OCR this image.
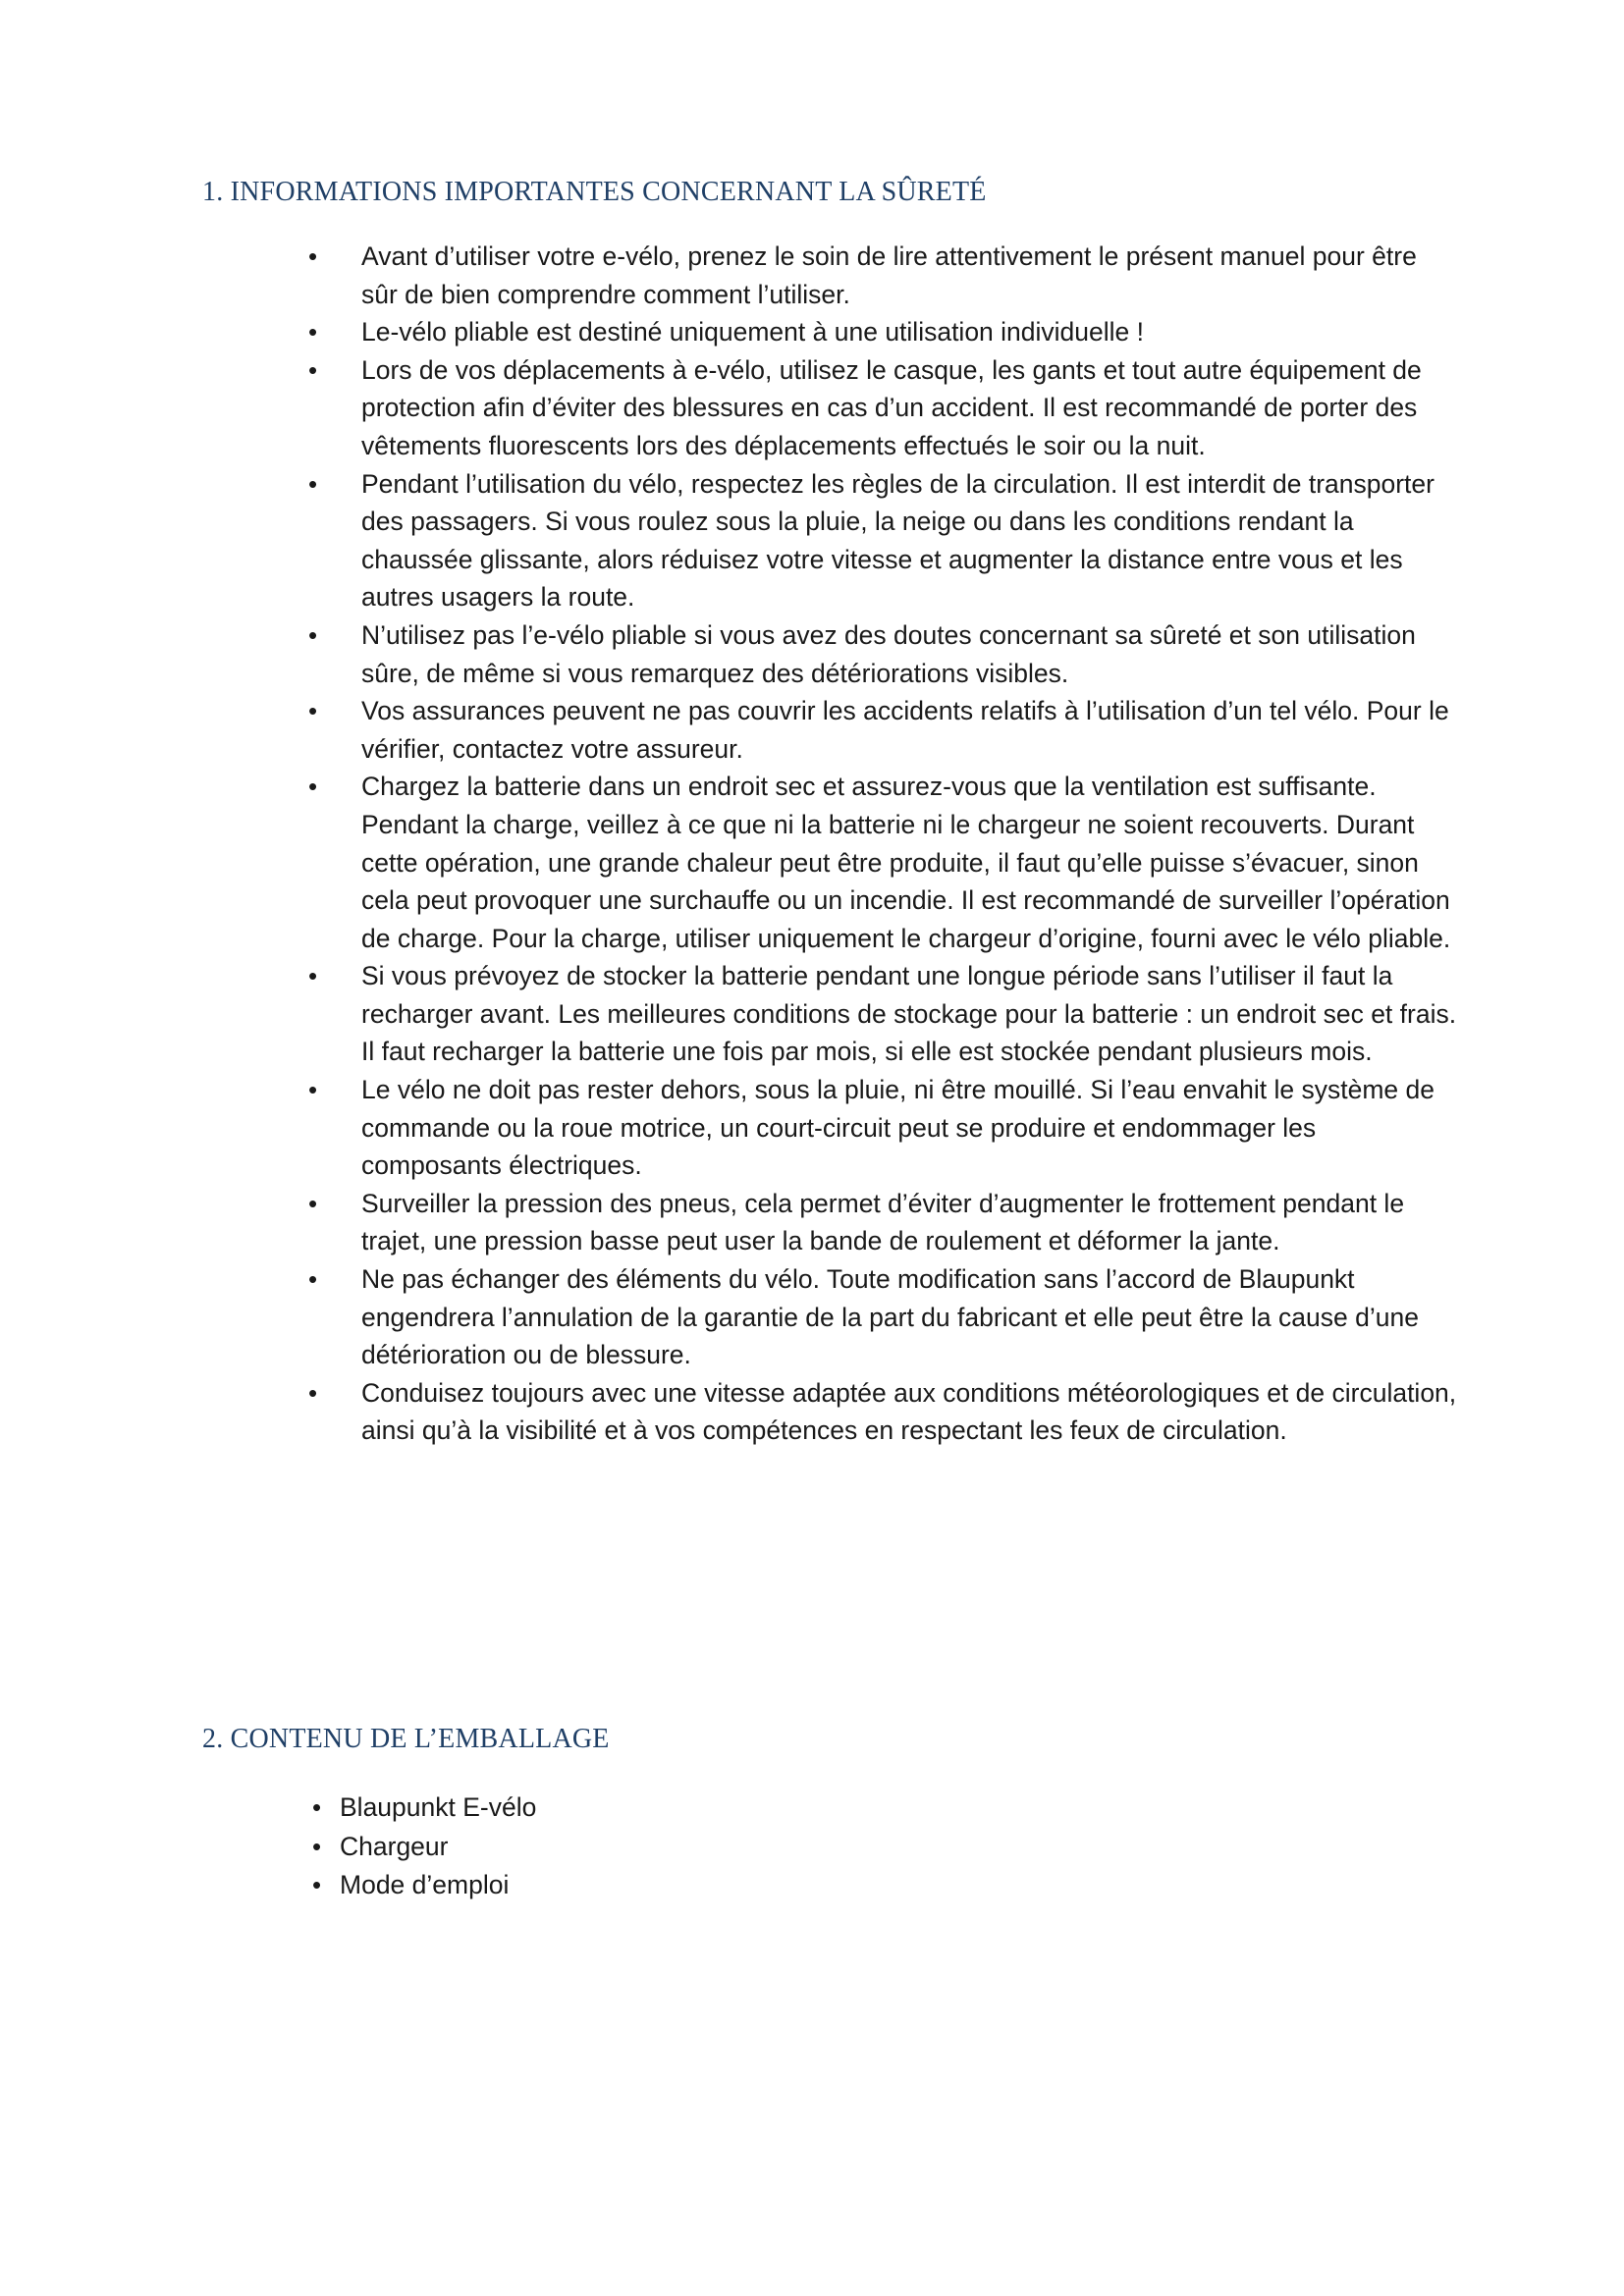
1. INFORMATIONS IMPORTANTES CONCERNANT LA SÛRETÉ
•	Avant d’utiliser votre e-vélo, prenez le soin de lire attentivement le présent manuel pour être sûr de bien comprendre comment l’utiliser.
•	Le-vélo pliable est destiné uniquement à une utilisation individuelle !
•	Lors de vos déplacements à e-vélo, utilisez le casque, les gants et tout autre équipement de protection afin d’éviter des blessures en cas d’un accident. Il est recommandé de porter des vêtements fluorescents lors des déplacements effectués le soir ou la nuit.
•	Pendant l’utilisation du vélo, respectez les règles de la circulation. Il est interdit de transporter des passagers. Si vous roulez sous la pluie, la neige ou dans les conditions rendant la chaussée glissante, alors réduisez votre vitesse et augmenter la distance entre vous et les autres usagers la route.
•	N’utilisez pas l’e-vélo pliable si vous avez des doutes concernant sa sûreté et son utilisation sûre, de même si vous remarquez des détériorations visibles.
•	Vos assurances peuvent ne pas couvrir les accidents relatifs à l’utilisation d’un tel vélo. Pour le vérifier, contactez votre assureur.
•	Chargez la batterie dans un endroit sec et assurez-vous que la ventilation est suffisante. Pendant la charge, veillez à ce que ni la batterie ni le chargeur ne soient recouverts. Durant cette opération, une grande chaleur peut être produite, il faut qu’elle puisse s’évacuer, sinon cela peut provoquer une surchauffe ou un incendie. Il est recommandé de surveiller l’opération de charge. Pour la charge, utiliser uniquement le chargeur d’origine, fourni avec le vélo pliable.
•	Si vous prévoyez de stocker la batterie pendant une longue période sans l’utiliser il faut la recharger avant. Les meilleures conditions de stockage pour la batterie : un endroit sec et frais. Il faut recharger la batterie une fois par mois, si elle est stockée pendant plusieurs mois.
•	Le vélo ne doit pas rester dehors, sous la pluie, ni être mouillé. Si l’eau envahit le système de commande ou la roue motrice, un court-circuit peut se produire et endommager les composants électriques.
•	Surveiller la pression des pneus, cela permet d’éviter d’augmenter le frottement pendant le trajet, une pression basse peut user la bande de roulement et déformer la jante.
•	Ne pas échanger des éléments du vélo. Toute modification sans l’accord de Blaupunkt engendrera l’annulation de la garantie de la part du fabricant et elle peut être la cause d’une détérioration ou de blessure.
•	Conduisez toujours avec une vitesse adaptée aux conditions météorologiques et de circulation, ainsi qu’à la visibilité et à vos compétences en respectant les feux de circulation.
2. CONTENU DE L’EMBALLAGE
• Blaupunkt E-vélo
• Chargeur
• Mode d’emploi
